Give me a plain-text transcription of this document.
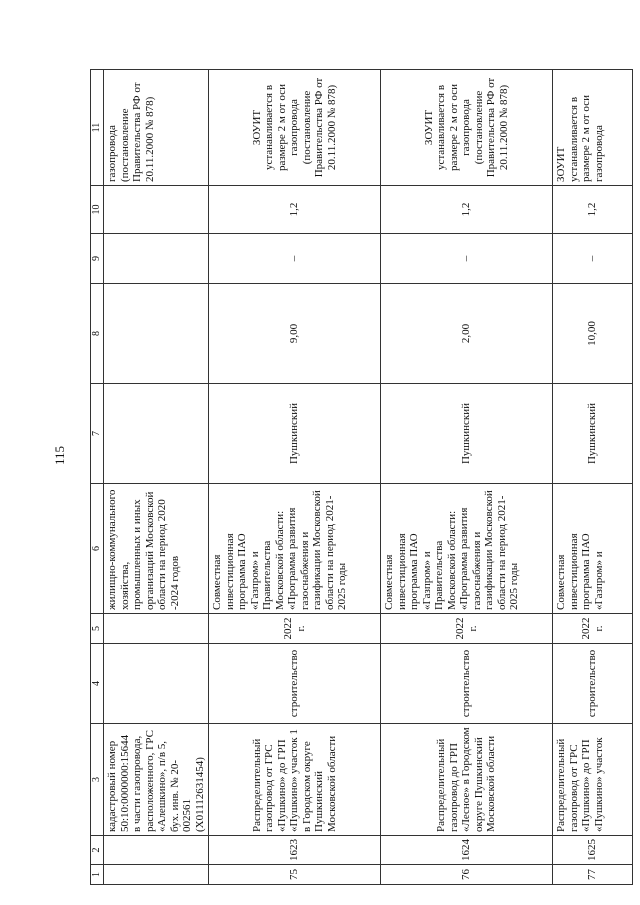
115
1	2	3	4	5	6	7	8	9	10	11
		кадастровый номер 50:10:0000000:15644 в части газопровода, расположенного, ГРС «Алешкино», п/в 5, бух. инв. № 20-002561 (X01112631454)			жилищно-коммунального хозяйства, промышленных и иных организаций Московской области на период 2020 -2024 годов					газопровода (постановление Правительства РФ от 20.11.2000 № 878)
75	1623	Распределительный газопровод от ГРС «Пушкино» до ГРП «Пушкино» участок 1 в Городском округе Пушкинский Московской области	строительство	2022 г.	Совместная инвестиционная программа ПАО «Газпром» и Правительства Московской области: «Программа развития газоснабжения и газификации Московской области на период 2021-2025 годы	Пушкинский	9,00	–	1,2	ЗОУИТ устанавливается в размере 2 м от оси газопровода (постановление Правительства РФ от 20.11.2000 № 878)
76	1624	Распределительный газопровод до ГРП «Лесное» в Городском округе Пушкинский Московской области	строительство	2022 г.	Совместная инвестиционная программа ПАО «Газпром» и Правительства Московской области: «Программа развития газоснабжения и газификации Московской области на период 2021-2025 годы	Пушкинский	2,00	–	1,2	ЗОУИТ устанавливается в размере 2 м от оси газопровода (постановление Правительства РФ от 20.11.2000 № 878)
77	1625	Распределительный газопровод от ГРС «Пушкино» до ГРП «Пушкино» участок	строительство	2022 г.	Совместная инвестиционная программа ПАО «Газпром» и	Пушкинский	10,00	–	1,2	ЗОУИТ устанавливается в размере 2 м от оси газопровода
